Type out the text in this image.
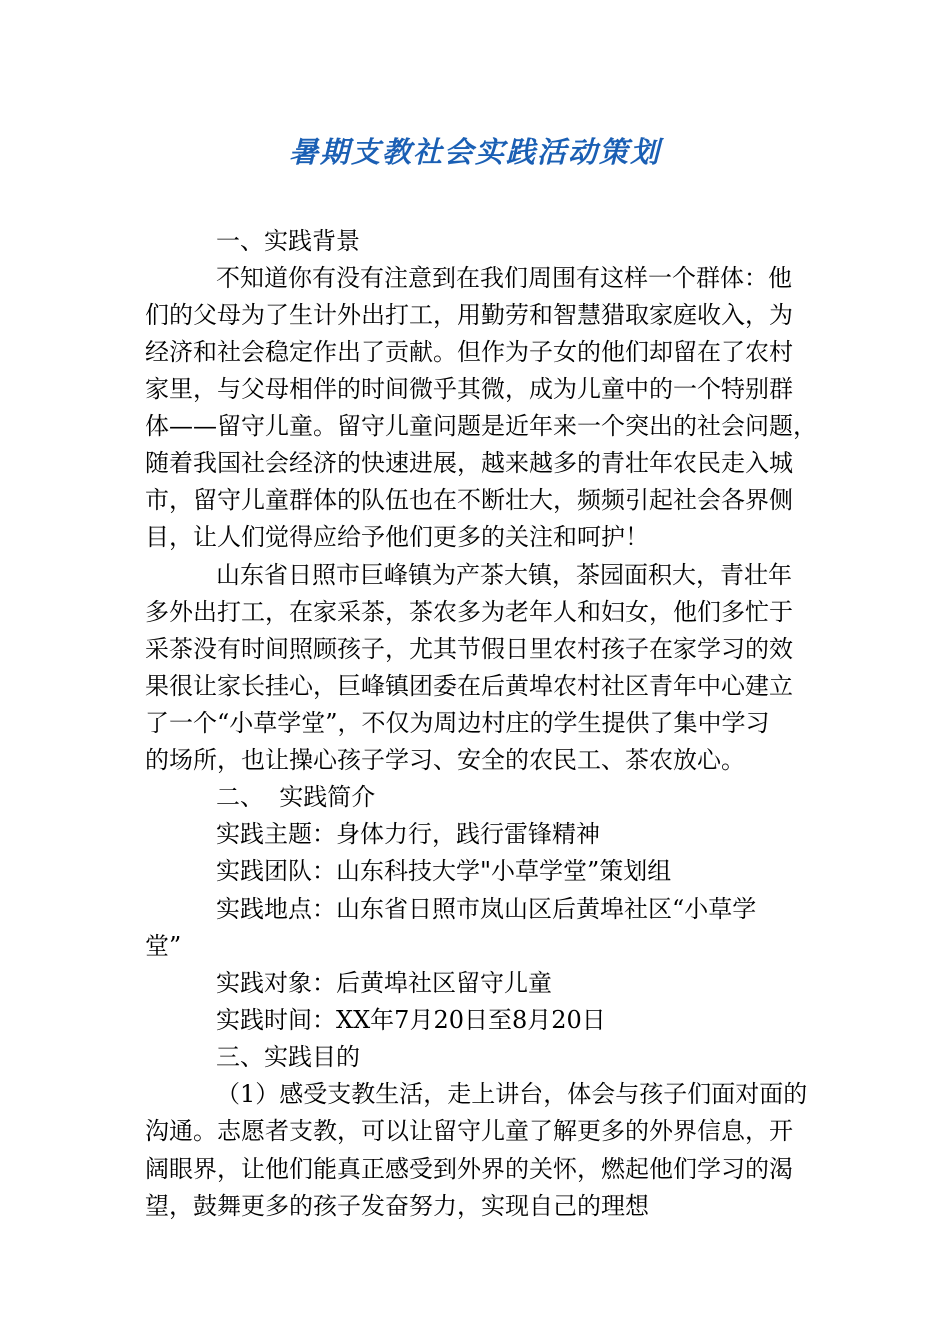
暑期支教社会实践活动策划
一、实践背景
不知道你有没有注意到在我们周围有这样一个群体：他
们的父母为了生计外出打工，用勤劳和智慧猎取家庭收入，为
经济和社会稳定作出了贡献。但作为子女的他们却留在了农村
家里，与父母相伴的时间微乎其微，成为儿童中的一个特别群
体——留守儿童。留守儿童问题是近年来一个突出的社会问题，
随着我国社会经济的快速进展，越来越多的青壮年农民走入城
市，留守儿童群体的队伍也在不断壮大，频频引起社会各界侧
目，让人们觉得应给予他们更多的关注和呵护！
山东省日照市巨峰镇为产茶大镇，茶园面积大，青壮年
多外出打工，在家采茶，茶农多为老年人和妇女，他们多忙于
采茶没有时间照顾孩子，尤其节假日里农村孩子在家学习的效
果很让家长挂心，巨峰镇团委在后黄埠农村社区青年中心建立
了一个“小草学堂”，不仅为周边村庄的学生提供了集中学习
的场所，也让操心孩子学习、安全的农民工、茶农放心。
二、  实践简介
实践主题：身体力行，践行雷锋精神
实践团队：山东科技大学"小草学堂”策划组
实践地点：山东省日照市岚山区后黄埠社区“小草学
堂”
实践对象：后黄埠社区留守儿童
实践时间：XX年7月20日至8月20日
三、实践目的
（1）感受支教生活，走上讲台，体会与孩子们面对面的
沟通。志愿者支教，可以让留守儿童了解更多的外界信息，开
阔眼界，让他们能真正感受到外界的关怀，燃起他们学习的渴
望，鼓舞更多的孩子发奋努力，实现自己的理想
